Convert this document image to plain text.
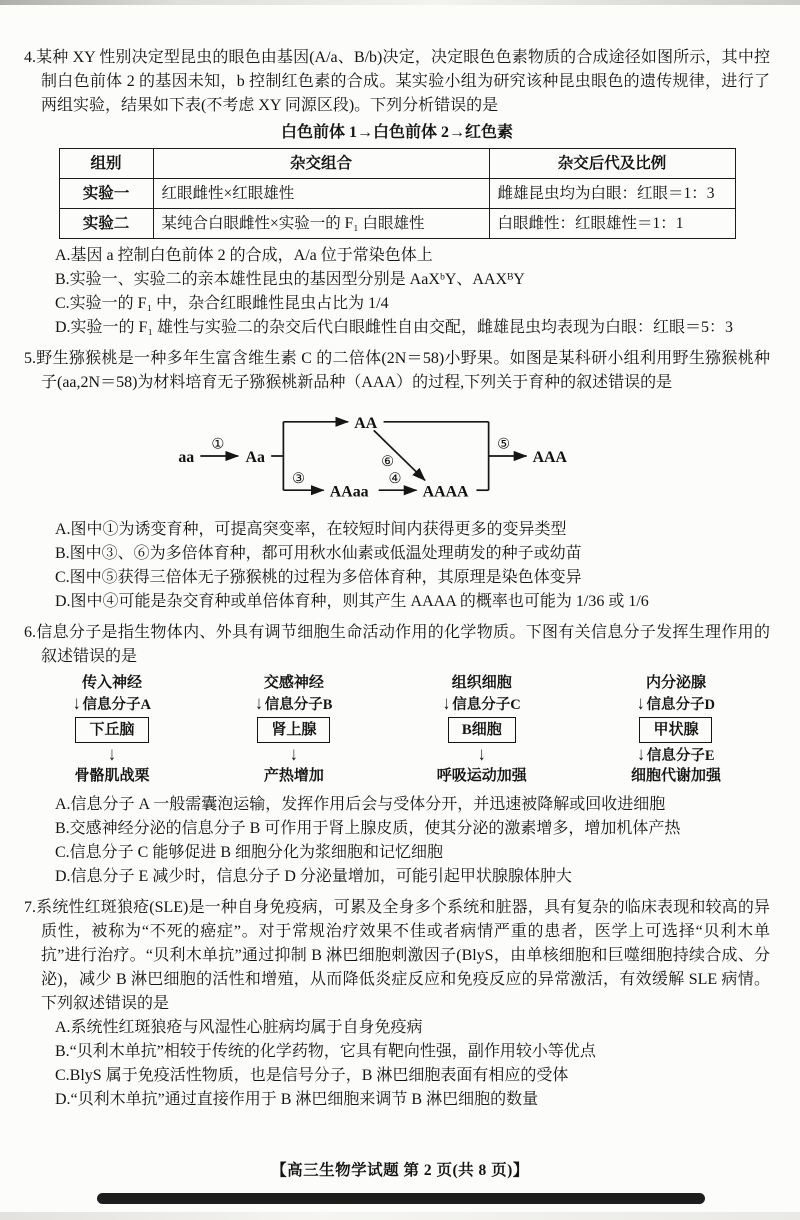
4.某种 XY 性别决定型昆虫的眼色由基因(A/a、B/b)决定，决定眼色色素物质的合成途径如图所示，其中控制白色前体 2 的基因未知，b 控制红色素的合成。某实验小组为研究该种昆虫眼色的遗传规律，进行了两组实验，结果如下表(不考虑 XY 同源区段)。下列分析错误的是

白色前体 1→白色前体 2→红色素
组别	杂交组合	杂交后代及比例
实验一	红眼雌性×红眼雄性	雌雄昆虫均为白眼：红眼＝1：3
实验二	某纯合白眼雌性×实验一的 F₁ 白眼雄性	白眼雌性：红眼雄性＝1：1

A.基因 a 控制白色前体 2 的合成，A/a 位于常染色体上

B.实验一、实验二的亲本雄性昆虫的基因型分别是 AaXᵇY、AAXᴮY

C.实验一的 F₁ 中，杂合红眼雌性昆虫占比为 1/4

D.实验一的 F₁ 雄性与实验二的杂交后代白眼雌性自由交配，雌雄昆虫均表现为白眼：红眼＝5：3

5.野生猕猴桃是一种多年生富含维生素 C 的二倍体(2N＝58)小野果。如图是某科研小组利用野生猕猴桃种子(aa,2N＝58)为材料培育无子猕猴桃新品种（AAA）的过程,下列关于育种的叙述错误的是

aa
①
Aa
AA
③
AAaa
④
AAAA
⑥
⑤
AAA

A.图中①为诱变育种，可提高突变率，在较短时间内获得更多的变异类型

B.图中③、⑥为多倍体育种，都可用秋水仙素或低温处理萌发的种子或幼苗

C.图中⑤获得三倍体无子猕猴桃的过程为多倍体育种，其原理是染色体变异

D.图中④可能是杂交育种或单倍体育种，则其产生 AAAA 的概率也可能为 1/36 或 1/6

6.信息分子是指生物体内、外具有调节细胞生命活动作用的化学物质。下图有关信息分子发挥生理作用的叙述错误的是

传入神经
↓ 信息分子A
下丘脑
↓
骨骼肌战栗
交感神经
↓ 信息分子B
肾上腺
↓
产热增加
组织细胞
↓ 信息分子C
B细胞
↓
呼吸运动加强
内分泌腺
↓ 信息分子D
甲状腺
↓ 信息分子E
细胞代谢加强

A.信息分子 A 一般需囊泡运输，发挥作用后会与受体分开，并迅速被降解或回收进细胞

B.交感神经分泌的信息分子 B 可作用于肾上腺皮质，使其分泌的激素增多，增加机体产热

C.信息分子 C 能够促进 B 细胞分化为浆细胞和记忆细胞

D.信息分子 E 减少时，信息分子 D 分泌量增加，可能引起甲状腺腺体肿大

7.系统性红斑狼疮(SLE)是一种自身免疫病，可累及全身多个系统和脏器，具有复杂的临床表现和较高的异质性，被称为“不死的癌症”。对于常规治疗效果不佳或者病情严重的患者，医学上可选择“贝利木单抗”进行治疗。“贝利木单抗”通过抑制 B 淋巴细胞刺激因子(BlyS，由单核细胞和巨噬细胞持续合成、分泌)，减少 B 淋巴细胞的活性和增殖，从而降低炎症反应和免疫反应的异常激活，有效缓解 SLE 病情。下列叙述错误的是

A.系统性红斑狼疮与风湿性心脏病均属于自身免疫病

B.“贝利木单抗”相较于传统的化学药物，它具有靶向性强，副作用较小等优点

C.BlyS 属于免疫活性物质，也是信号分子，B 淋巴细胞表面有相应的受体

D.“贝利木单抗”通过直接作用于 B 淋巴细胞来调节 B 淋巴细胞的数量

【高三生物学试题 第 2 页(共 8 页)】
